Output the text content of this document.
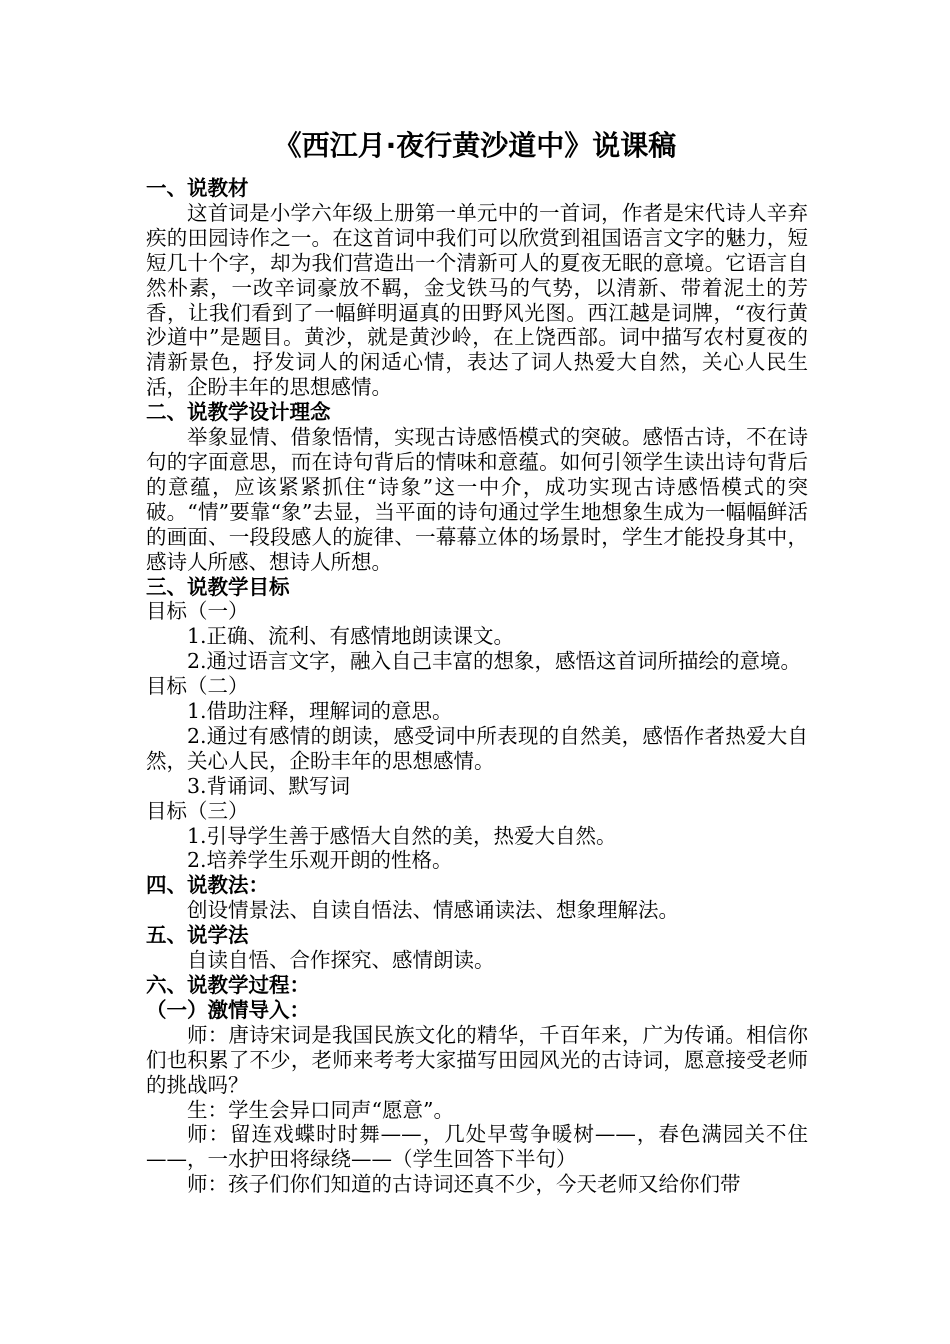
《西江月·夜行黄沙道中》说课稿

一、说教材

这首词是小学六年级上册第一单元中的一首词，作者是宋代诗人辛弃疾的田园诗作之一。在这首词中我们可以欣赏到祖国语言文字的魅力，短短几十个字，却为我们营造出一个清新可人的夏夜无眠的意境。它语言自然朴素，一改辛词豪放不羁，金戈铁马的气势，以清新、带着泥土的芳香，让我们看到了一幅鲜明逼真的田野风光图。西江越是词牌，“夜行黄沙道中”是题目。黄沙，就是黄沙岭，在上饶西部。词中描写农村夏夜的清新景色，抒发词人的闲适心情，表达了词人热爱大自然，关心人民生活，企盼丰年的思想感情。

二、说教学设计理念

举象显情、借象悟情，实现古诗感悟模式的突破。感悟古诗，不在诗句的字面意思，而在诗句背后的情味和意蕴。如何引领学生读出诗句背后的意蕴，应该紧紧抓住“诗象”这一中介，成功实现古诗感悟模式的突破。“情”要靠“象”去显，当平面的诗句通过学生地想象生成为一幅幅鲜活的画面、一段段感人的旋律、一幕幕立体的场景时，学生才能投身其中，感诗人所感、想诗人所想。

三、说教学目标

目标（一）

1.正确、流利、有感情地朗读课文。

2.通过语言文字，融入自己丰富的想象，感悟这首词所描绘的意境。

目标（二）

1.借助注释，理解词的意思。

2.通过有感情的朗读，感受词中所表现的自然美，感悟作者热爱大自然，关心人民，企盼丰年的思想感情。

3.背诵词、默写词

目标（三）

1.引导学生善于感悟大自然的美，热爱大自然。

2.培养学生乐观开朗的性格。

四、说教法：

创设情景法、自读自悟法、情感诵读法、想象理解法。

五、说学法

自读自悟、合作探究、感情朗读。

六、说教学过程：

（一）激情导入：

师：唐诗宋词是我国民族文化的精华，千百年来，广为传诵。相信你们也积累了不少，老师来考考大家描写田园风光的古诗词，愿意接受老师的挑战吗？

生：学生会异口同声“愿意”。

师：留连戏蝶时时舞——，几处早莺争暖树——，春色满园关不住——，一水护田将绿绕——（学生回答下半句）

师：孩子们你们知道的古诗词还真不少，今天老师又给你们带
